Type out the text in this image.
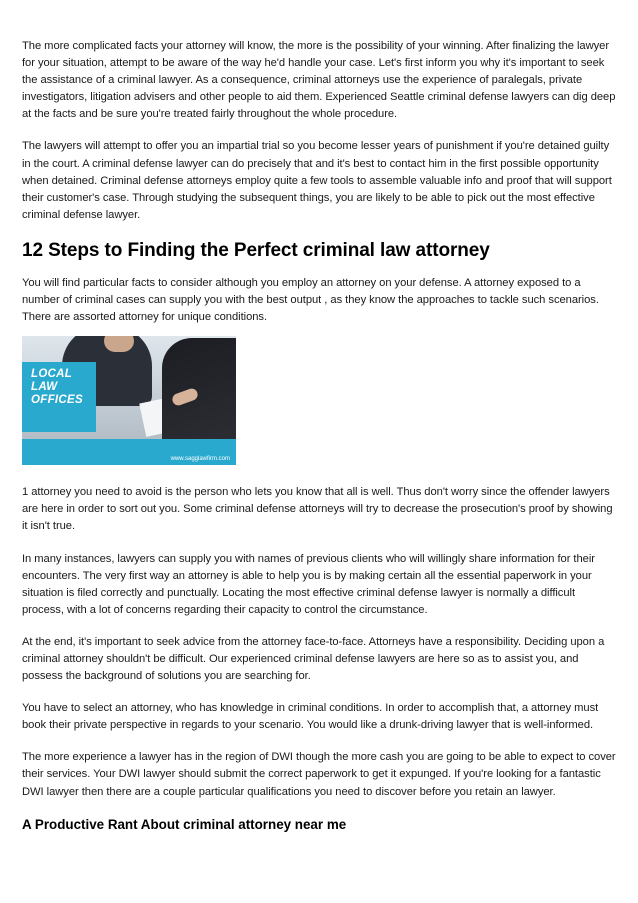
The more complicated facts your attorney will know, the more is the possibility of your winning. After finalizing the lawyer for your situation, attempt to be aware of the way he'd handle your case. Let's first inform you why it's important to seek the assistance of a criminal lawyer. As a consequence, criminal attorneys use the experience of paralegals, private investigators, litigation advisers and other people to aid them. Experienced Seattle criminal defense lawyers can dig deep at the facts and be sure you're treated fairly throughout the whole procedure.

The lawyers will attempt to offer you an impartial trial so you become lesser years of punishment if you're detained guilty in the court. A criminal defense lawyer can do precisely that and it's best to contact him in the first possible opportunity when detained. Criminal defense attorneys employ quite a few tools to assemble valuable info and proof that will support their customer's case. Through studying the subsequent things, you are likely to be able to pick out the most effective criminal defense lawyer.

12 Steps to Finding the Perfect criminal law attorney

You will find particular facts to consider although you employ an attorney on your defense. A attorney exposed to a number of criminal cases can supply you with the best output , as they know the approaches to tackle such scenarios. There are assorted attorney for unique conditions.

LOCAL
LAW
OFFICES
www.sagglawfirm.com

1 attorney you need to avoid is the person who lets you know that all is well. Thus don't worry since the offender lawyers are here in order to sort out you. Some criminal defense attorneys will try to decrease the prosecution's proof by showing it isn't true.

In many instances, lawyers can supply you with names of previous clients who will willingly share information for their encounters. The very first way an attorney is able to help you is by making certain all the essential paperwork in your situation is filed correctly and punctually. Locating the most effective criminal defense lawyer is normally a difficult process, with a lot of concerns regarding their capacity to control the circumstance.

At the end, it's important to seek advice from the attorney face-to-face. Attorneys have a responsibility. Deciding upon a criminal attorney shouldn't be difficult. Our experienced criminal defense lawyers are here so as to assist you, and possess the background of solutions you are searching for.

You have to select an attorney, who has knowledge in criminal conditions. In order to accomplish that, a attorney must book their private perspective in regards to your scenario. You would like a drunk-driving lawyer that is well-informed.

The more experience a lawyer has in the region of DWI though the more cash you are going to be able to expect to cover their services. Your DWI lawyer should submit the correct paperwork to get it expunged. If you're looking for a fantastic DWI lawyer then there are a couple particular qualifications you need to discover before you retain an lawyer.

A Productive Rant About criminal attorney near me
